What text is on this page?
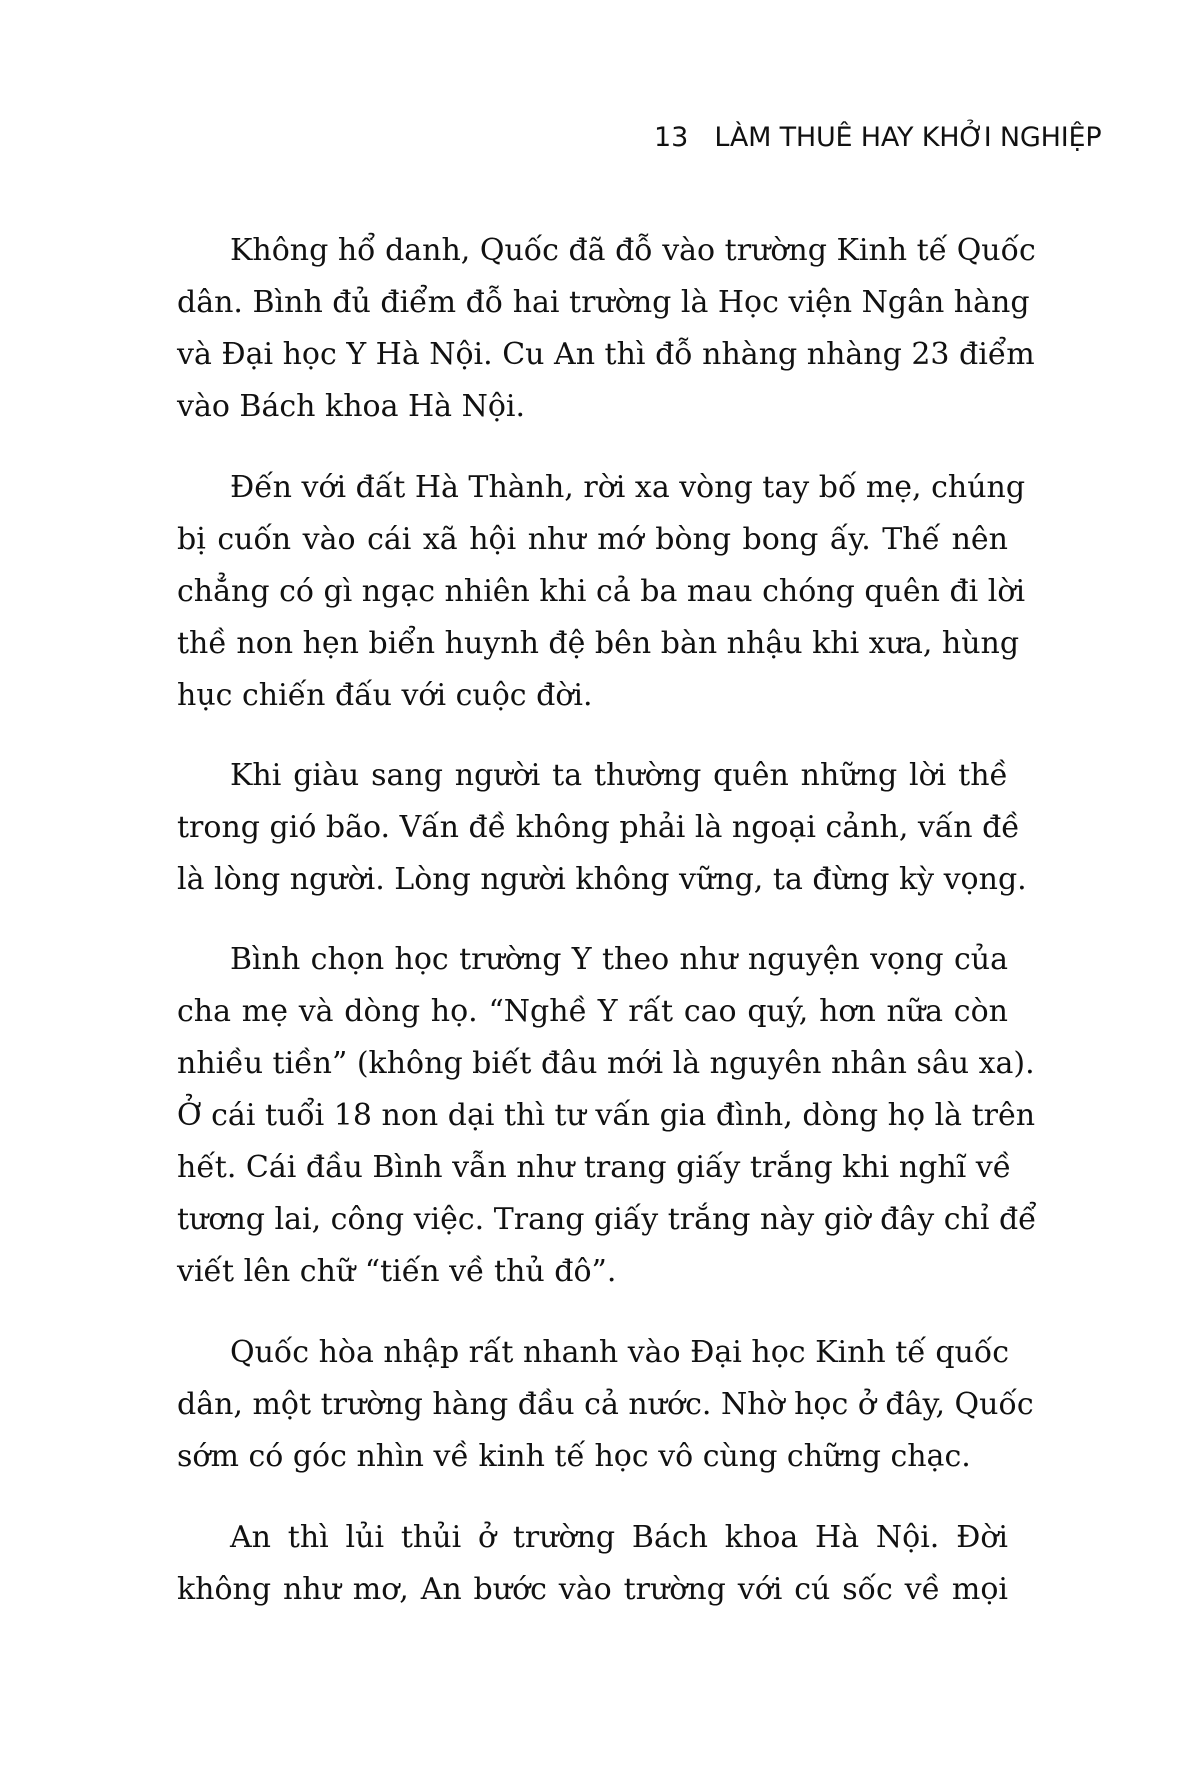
13 LÀM THUÊ HAY KHỞI NGHIỆP
Không hổ danh, Quốc đã đỗ vào trường Kinh tế Quốc
dân. Bình đủ điểm đỗ hai trường là Học viện Ngân hàng
và Đại học Y Hà Nội. Cu An thì đỗ nhàng nhàng 23 điểm
vào Bách khoa Hà Nội.
Đến với đất Hà Thành, rời xa vòng tay bố mẹ, chúng
bị cuốn vào cái xã hội như mớ bòng bong ấy. Thế nên
chẳng có gì ngạc nhiên khi cả ba mau chóng quên đi lời
thề non hẹn biển huynh đệ bên bàn nhậu khi xưa, hùng
hục chiến đấu với cuộc đời.
Khi giàu sang người ta thường quên những lời thề
trong gió bão. Vấn đề không phải là ngoại cảnh, vấn đề
là lòng người. Lòng người không vững, ta đừng kỳ vọng.
Bình chọn học trường Y theo như nguyện vọng của
cha mẹ và dòng họ. “Nghề Y rất cao quý, hơn nữa còn
nhiều tiền” (không biết đâu mới là nguyên nhân sâu xa).
Ở cái tuổi 18 non dại thì tư vấn gia đình, dòng họ là trên
hết. Cái đầu Bình vẫn như trang giấy trắng khi nghĩ về
tương lai, công việc. Trang giấy trắng này giờ đây chỉ để
viết lên chữ “tiến về thủ đô”.
Quốc hòa nhập rất nhanh vào Đại học Kinh tế quốc
dân, một trường hàng đầu cả nước. Nhờ học ở đây, Quốc
sớm có góc nhìn về kinh tế học vô cùng chững chạc.
An thì lủi thủi ở trường Bách khoa Hà Nội. Đời
không như mơ, An bước vào trường với cú sốc về mọi
